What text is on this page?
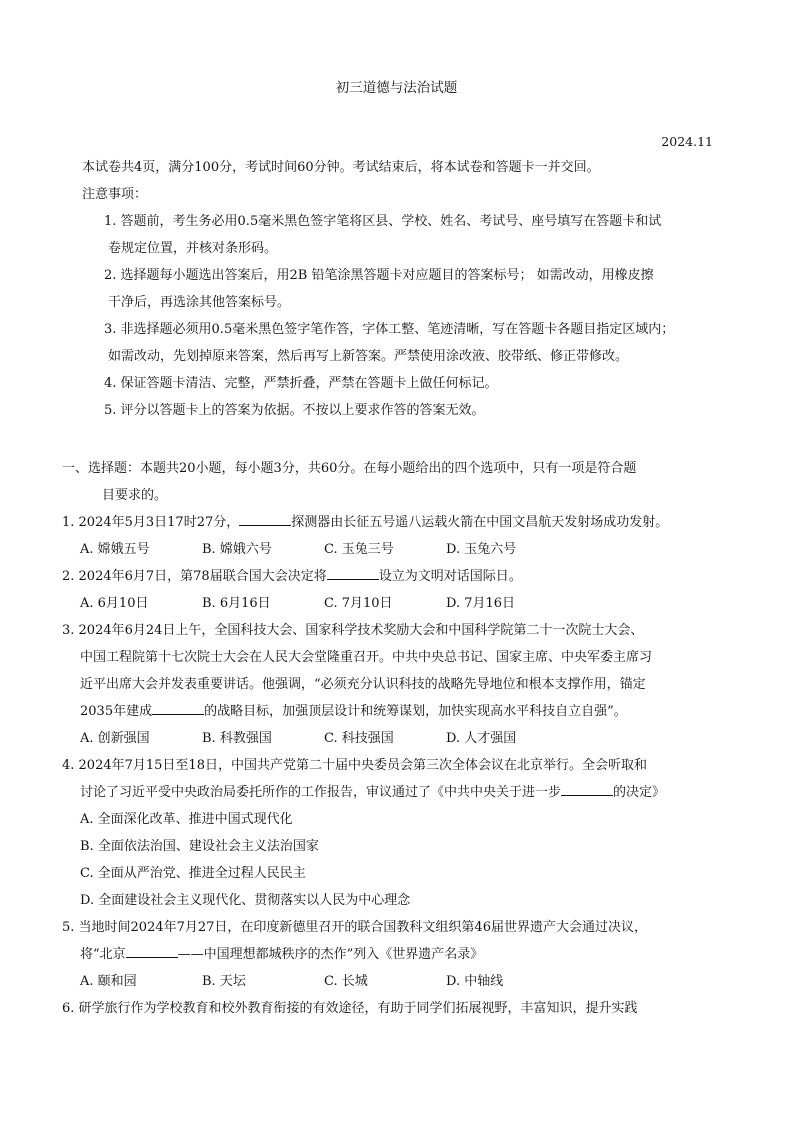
初三道德与法治试题
2024.11
本试卷共4页，满分100分，考试时间60分钟。考试结束后，将本试卷和答题卡一并交回。
注意事项：
1. 答题前，考生务必用0.5毫米黑色签字笔将区县、学校、姓名、考试号、座号填写在答题卡和试
卷规定位置，并核对条形码。
2. 选择题每小题选出答案后，用2B 铅笔涂黑答题卡对应题目的答案标号； 如需改动，用橡皮擦
干净后，再选涂其他答案标号。
3. 非选择题必须用0.5毫米黑色签字笔作答，字体工整、笔迹清晰，写在答题卡各题目指定区域内；
如需改动，先划掉原来答案，然后再写上新答案。严禁使用涂改液、胶带纸、修正带修改。
4. 保证答题卡清洁、完整，严禁折叠，严禁在答题卡上做任何标记。
5. 评分以答题卡上的答案为依据。不按以上要求作答的答案无效。
一、选择题：本题共20小题，每小题3分，共60分。在每小题给出的四个选项中，只有一项是符合题
目要求的。
1. 2024年5月3日17时27分，	探测器由长征五号遥八运载火箭在中国文昌航天发射场成功发射。
A. 嫦娥五号	B. 嫦娥六号	C. 玉兔三号	D. 玉兔六号
2. 2024年6月7日，第78届联合国大会决定将	设立为文明对话国际日。
A. 6月10日	B. 6月16日	C. 7月10日	D. 7月16日
3. 2024年6月24日上午，全国科技大会、国家科学技术奖励大会和中国科学院第二十一次院士大会、
中国工程院第十七次院士大会在人民大会堂隆重召开。中共中央总书记、国家主席、中央军委主席习
近平出席大会并发表重要讲话。他强调，“必须充分认识科技的战略先导地位和根本支撑作用，锚定
2035年建成	的战略目标，加强顶层设计和统筹谋划，加快实现高水平科技自立自强”。
A. 创新强国	B. 科教强国	C. 科技强国	D. 人才强国
4. 2024年7月15日至18日，中国共产党第二十届中央委员会第三次全体会议在北京举行。全会听取和
讨论了习近平受中央政治局委托所作的工作报告，审议通过了《中共中央关于进一步	的决定》
A. 全面深化改革、推进中国式现代化
B. 全面依法治国、建设社会主义法治国家
C. 全面从严治党、推进全过程人民民主
D. 全面建设社会主义现代化、贯彻落实以人民为中心理念
5. 当地时间2024年7月27日，在印度新德里召开的联合国教科文组织第46届世界遗产大会通过决议，
将“北京	——中国理想都城秩序的杰作”列入《世界遗产名录》
A. 颐和园	B. 天坛	C. 长城	D. 中轴线
6. 研学旅行作为学校教育和校外教育衔接的有效途径，有助于同学们拓展视野，丰富知识，提升实践
